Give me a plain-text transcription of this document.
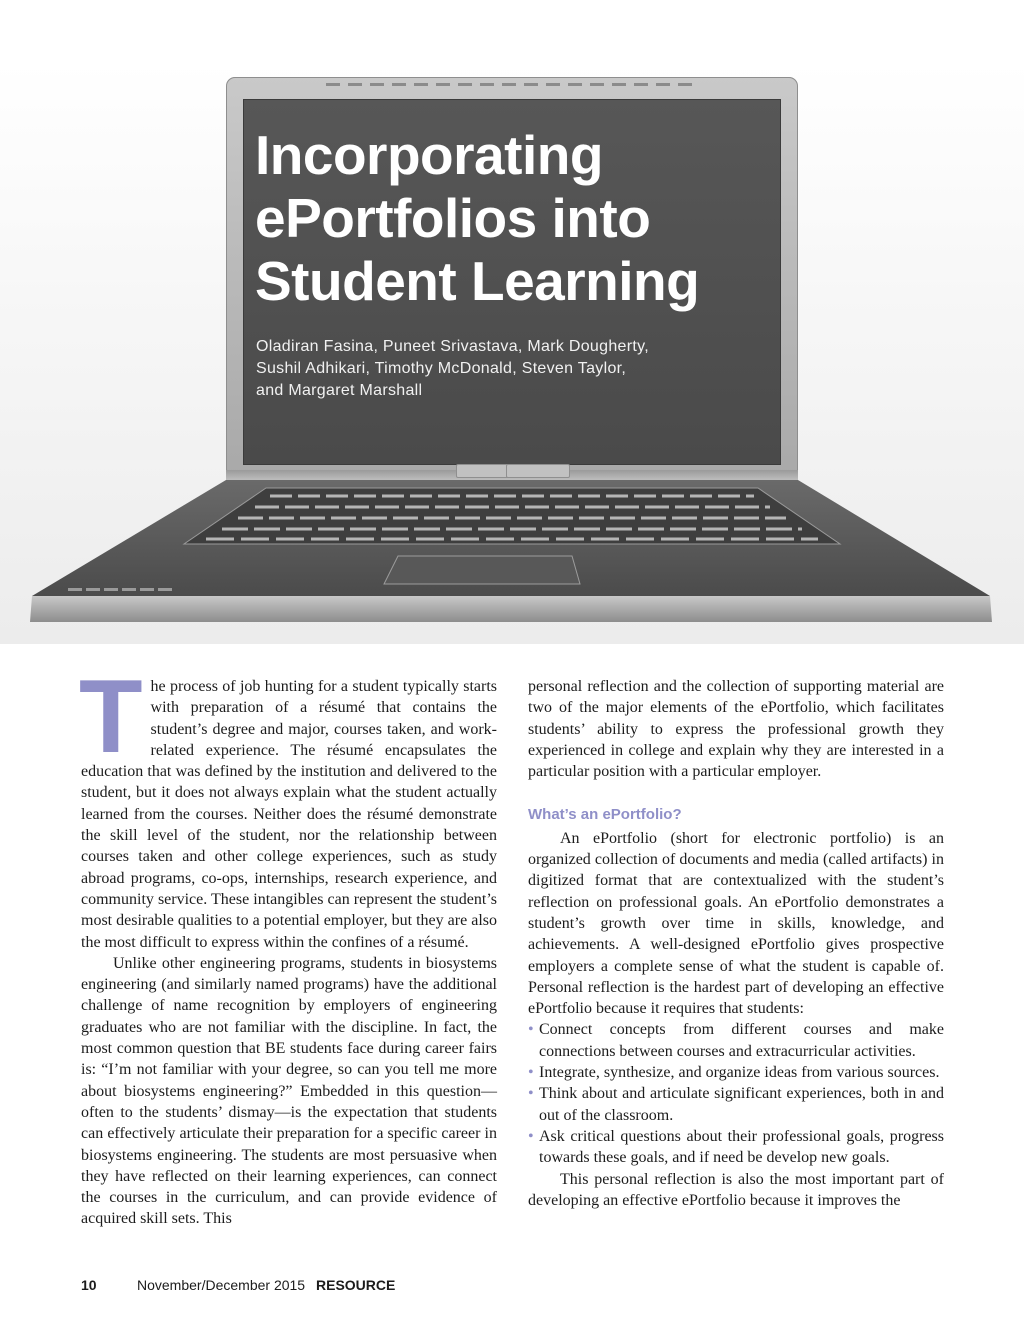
Incorporating
ePortfolios into
Student Learning

Oladiran Fasina, Puneet Srivastava, Mark Dougherty,
Sushil Adhikari, Timothy McDonald, Steven Taylor,
and Margaret Marshall

The process of job hunting for a student typically starts with preparation of a résumé that contains the student’s degree and major, courses taken, and work-related experience. The résumé encapsulates the education that was defined by the institution and delivered to the student, but it does not always explain what the student actually learned from the courses. Neither does the résumé demonstrate the skill level of the student, nor the relationship between courses taken and other college experiences, such as study abroad programs, co-ops, internships, research experience, and community service. These intangibles can represent the student’s most desirable qualities to a potential employer, but they are also the most difficult to express within the confines of a résumé.

Unlike other engineering programs, students in biosystems engineering (and similarly named programs) have the additional challenge of name recognition by employers of engineering graduates who are not familiar with the discipline. In fact, the most common question that BE students face during career fairs is: “I’m not familiar with your degree, so can you tell me more about biosystems engineering?” Embedded in this question—often to the students’ dismay—is the expectation that students can effectively articulate their preparation for a specific career in biosystems engineering. The students are most persuasive when they have reflected on their learning experiences, can connect the courses in the curriculum, and can provide evidence of acquired skill sets. This

personal reflection and the collection of supporting material are two of the major elements of the ePortfolio, which facilitates students’ ability to express the professional growth they experienced in college and explain why they are interested in a particular position with a particular employer.

What’s an ePortfolio?

An ePortfolio (short for electronic portfolio) is an organized collection of documents and media (called artifacts) in digitized format that are contextualized with the student’s reflection on professional goals. An ePortfolio demonstrates a student’s growth over time in skills, knowledge, and achievements. A well-designed ePortfolio gives prospective employers a complete sense of what the student is capable of. Personal reflection is the hardest part of developing an effective ePortfolio because it requires that students:

• Connect concepts from different courses and make connections between courses and extracurricular activities.
• Integrate, synthesize, and organize ideas from various sources.
• Think about and articulate significant experiences, both in and out of the classroom.
• Ask critical questions about their professional goals, progress towards these goals, and if need be develop new goals.

This personal reflection is also the most important part of developing an effective ePortfolio because it improves the

10	November/December 2015 RESOURCE
